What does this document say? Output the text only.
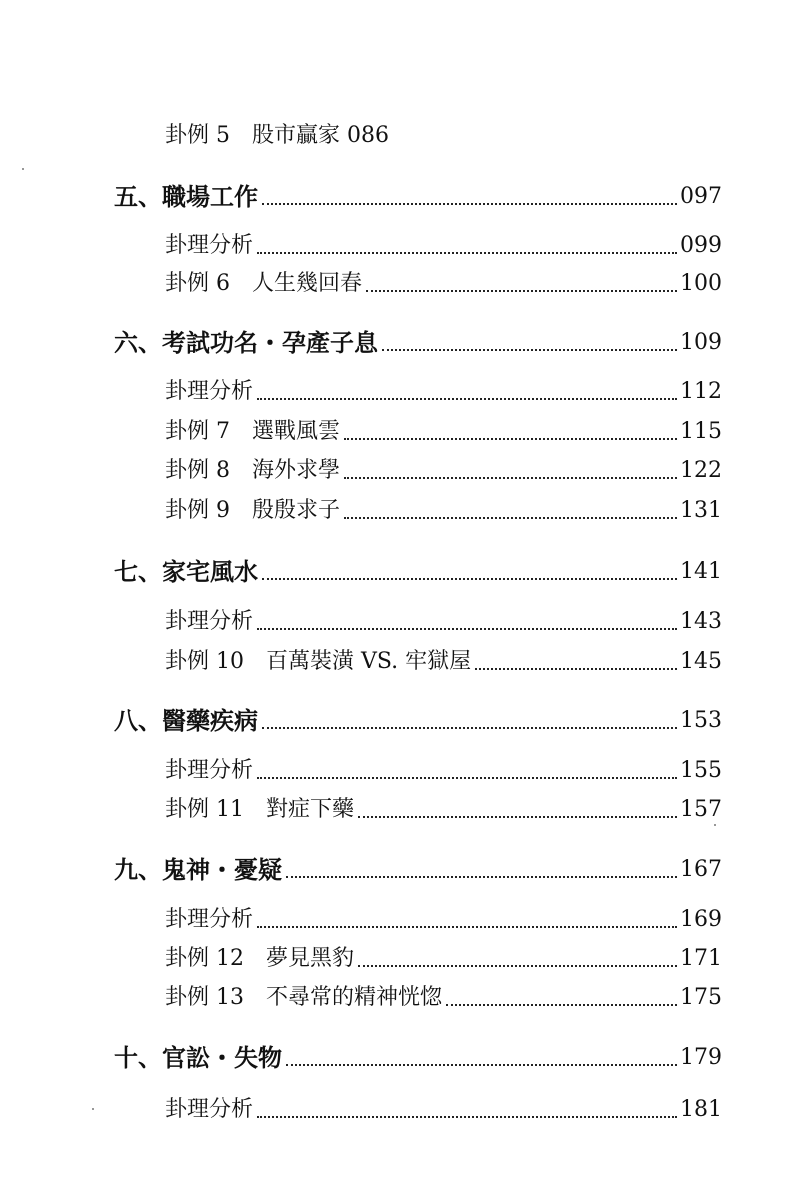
卦例 5 股市贏家 086
五、職場工作	097
卦理分析	099
卦例 6 人生幾回春	100
六、考試功名・孕產子息	109
卦理分析	112
卦例 7 選戰風雲	115
卦例 8 海外求學	122
卦例 9 殷殷求子	131
七、家宅風水	141
卦理分析	143
卦例 10 百萬裝潢 VS. 牢獄屋	145
八、醫藥疾病	153
卦理分析	155
卦例 11 對症下藥	157
九、鬼神・憂疑	167
卦理分析	169
卦例 12 夢見黑豹	171
卦例 13 不尋常的精神恍惚	175
十、官訟・失物	179
卦理分析	181
